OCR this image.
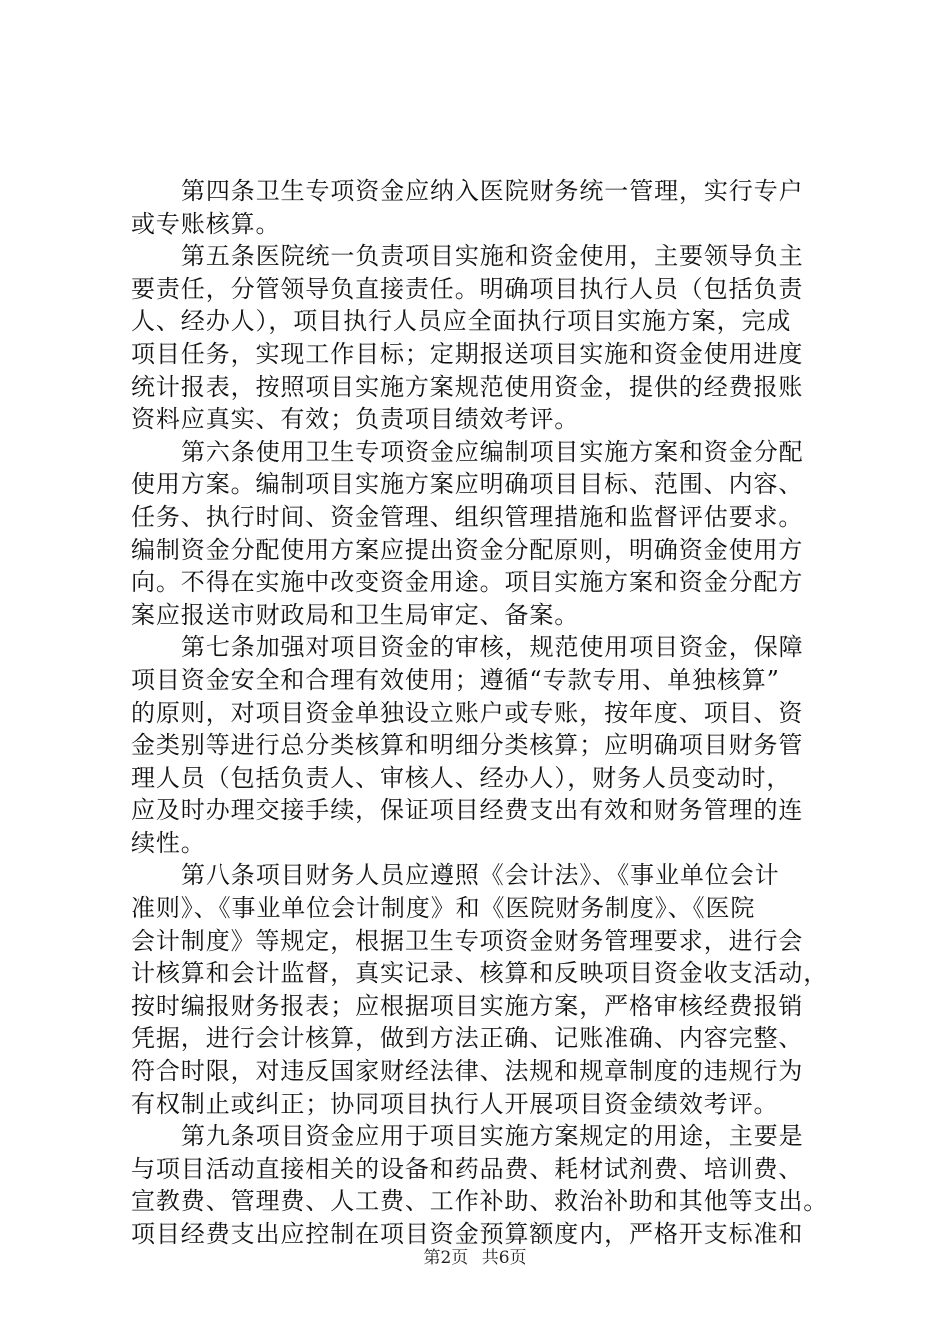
第四条卫生专项资金应纳入医院财务统一管理，实行专户
或专账核算。
第五条医院统一负责项目实施和资金使用，主要领导负主
要责任，分管领导负直接责任。明确项目执行人员（包括负责
人、经办人），项目执行人员应全面执行项目实施方案，完成
项目任务，实现工作目标；定期报送项目实施和资金使用进度
统计报表，按照项目实施方案规范使用资金，提供的经费报账
资料应真实、有效；负责项目绩效考评。
第六条使用卫生专项资金应编制项目实施方案和资金分配
使用方案。编制项目实施方案应明确项目目标、范围、内容、
任务、执行时间、资金管理、组织管理措施和监督评估要求。
编制资金分配使用方案应提出资金分配原则，明确资金使用方
向。不得在实施中改变资金用途。项目实施方案和资金分配方
案应报送市财政局和卫生局审定、备案。
第七条加强对项目资金的审核，规范使用项目资金，保障
项目资金安全和合理有效使用；遵循“专款专用、单独核算”
的原则，对项目资金单独设立账户或专账，按年度、项目、资
金类别等进行总分类核算和明细分类核算；应明确项目财务管
理人员（包括负责人、审核人、经办人），财务人员变动时，
应及时办理交接手续，保证项目经费支出有效和财务管理的连
续性。
第八条项目财务人员应遵照《会计法》、《事业单位会计
准则》、《事业单位会计制度》和《医院财务制度》、《医院
会计制度》等规定，根据卫生专项资金财务管理要求，进行会
计核算和会计监督，真实记录、核算和反映项目资金收支活动，
按时编报财务报表；应根据项目实施方案，严格审核经费报销
凭据，进行会计核算，做到方法正确、记账准确、内容完整、
符合时限，对违反国家财经法律、法规和规章制度的违规行为
有权制止或纠正；协同项目执行人开展项目资金绩效考评。
第九条项目资金应用于项目实施方案规定的用途，主要是
与项目活动直接相关的设备和药品费、耗材试剂费、培训费、
宣教费、管理费、人工费、工作补助、救治补助和其他等支出。
项目经费支出应控制在项目资金预算额度内，严格开支标准和
第2页 共6页
